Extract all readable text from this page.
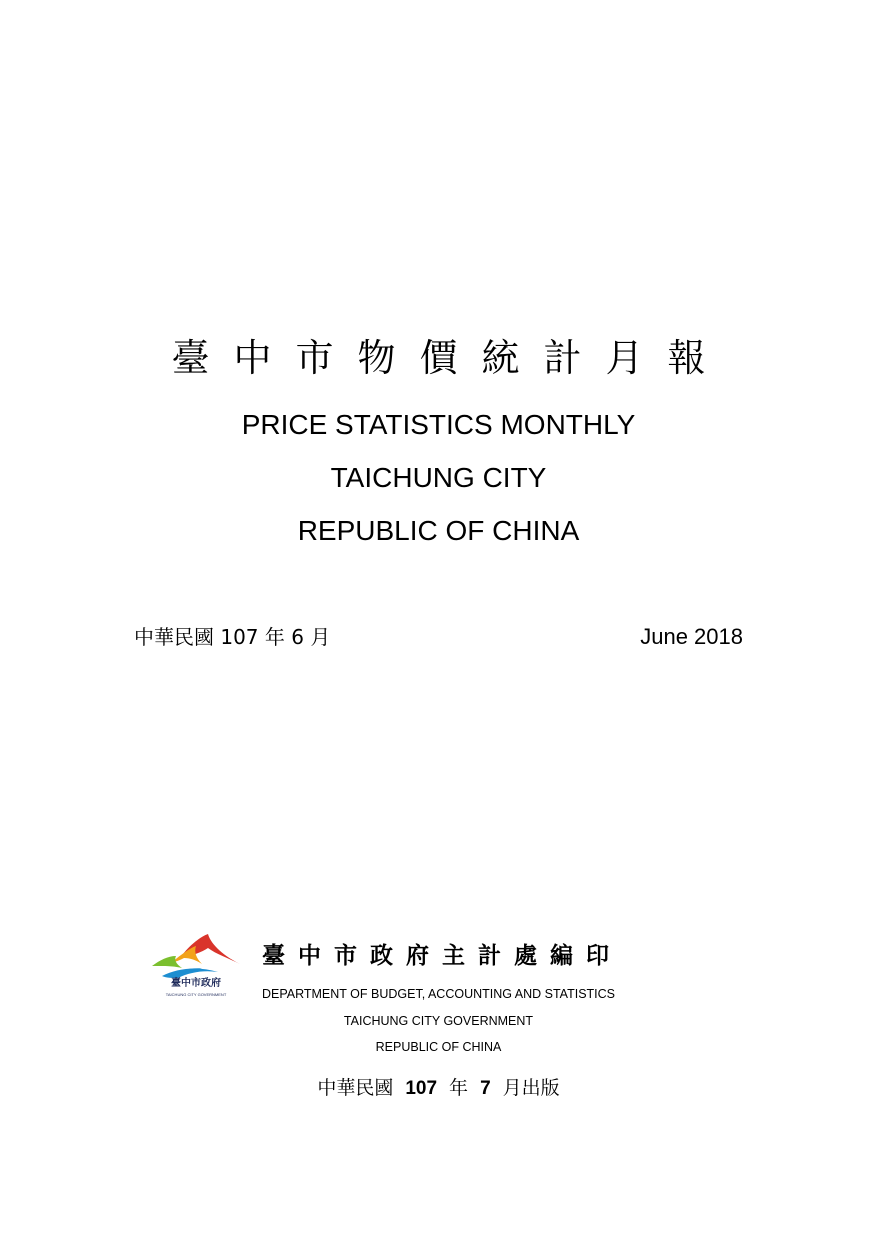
臺中市物價統計月報
PRICE STATISTICS MONTHLY
TAICHUNG CITY
REPUBLIC OF CHINA
中華民國 107 年 6 月	June 2018
臺中市政府
TAICHUNG CITY GOVERNMENT
臺中市政府主計處編印
DEPARTMENT OF BUDGET, ACCOUNTING AND STATISTICS
TAICHUNG CITY GOVERNMENT
REPUBLIC OF CHINA
中華民國 107 年 7 月出版
